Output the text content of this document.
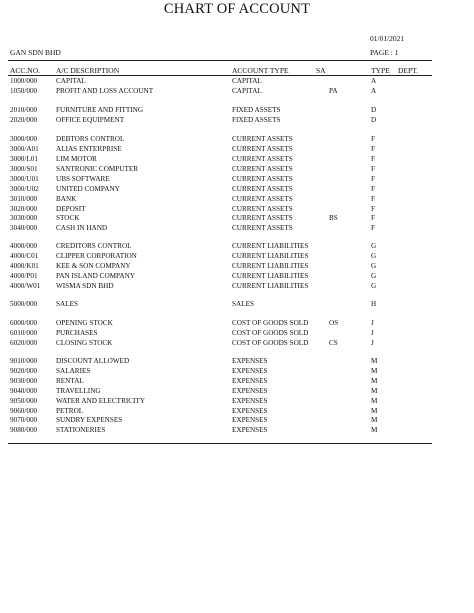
CHART OF ACCOUNT
01/01/2021
GAN SDN BHD	PAGE : 1
ACC.NO. A/C DESCRIPTION	ACCOUNT TYPE	SA	TYPE DEPT.
1000/000	CAPITAL	CAPITAL	A
1050/000	PROFIT AND LOSS ACCOUNT	CAPITAL	PA	A
2010/000	FURNITURE AND FITTING	FIXED ASSETS	D
2020/000	OFFICE EQUIPMENT	FIXED ASSETS	D
3000/000	DEBTORS CONTROL	CURRENT ASSETS	F
3000/A01 ALIAS ENTERPRISE	CURRENT ASSETS	F
3000/L01	LIM MOTOR	CURRENT ASSETS	F
3000/S01	SANTRONIC COMPUTER	CURRENT ASSETS	F
3000/U01 UBS SOFTWARE	CURRENT ASSETS	F
3000/U02 UNITED COMPANY	CURRENT ASSETS	F
3010/000	BANK	CURRENT ASSETS	F
3020/000	DEPOSIT	CURRENT ASSETS	F
3030/000	STOCK	CURRENT ASSETS	BS	F
3040/000	CASH IN HAND	CURRENT ASSETS	F
4000/000	CREDITORS CONTROL	CURRENT LIABILITIES	G
4000/C01 CLIPPER CORPORATION	CURRENT LIABILITIES	G
4000/K01 KEE & SON COMPANY	CURRENT LIABILITIES	G
4000/P01	PAN ISLAND COMPANY	CURRENT LIABILITIES	G
4000/W01 WISMA SDN BHD	CURRENT LIABILITIES	G
5000/000	SALES	SALES	H
6000/000	OPENING STOCK	COST OF GOODS SOLD	OS	J
6010/000	PURCHASES	COST OF GOODS SOLD	J
6020/000	CLOSING STOCK	COST OF GOODS SOLD	CS	J
9010/000	DISCOUNT ALLOWED	EXPENSES	M
9020/000	SALARIES	EXPENSES	M
9030/000	RENTAL	EXPENSES	M
9040/000	TRAVELLING	EXPENSES	M
9050/000	WATER AND ELECTRICITY	EXPENSES	M
9060/000	PETROL	EXPENSES	M
9070/000	SUNDRY EXPENSES	EXPENSES	M
9080/000	STATIONERIES	EXPENSES	M
